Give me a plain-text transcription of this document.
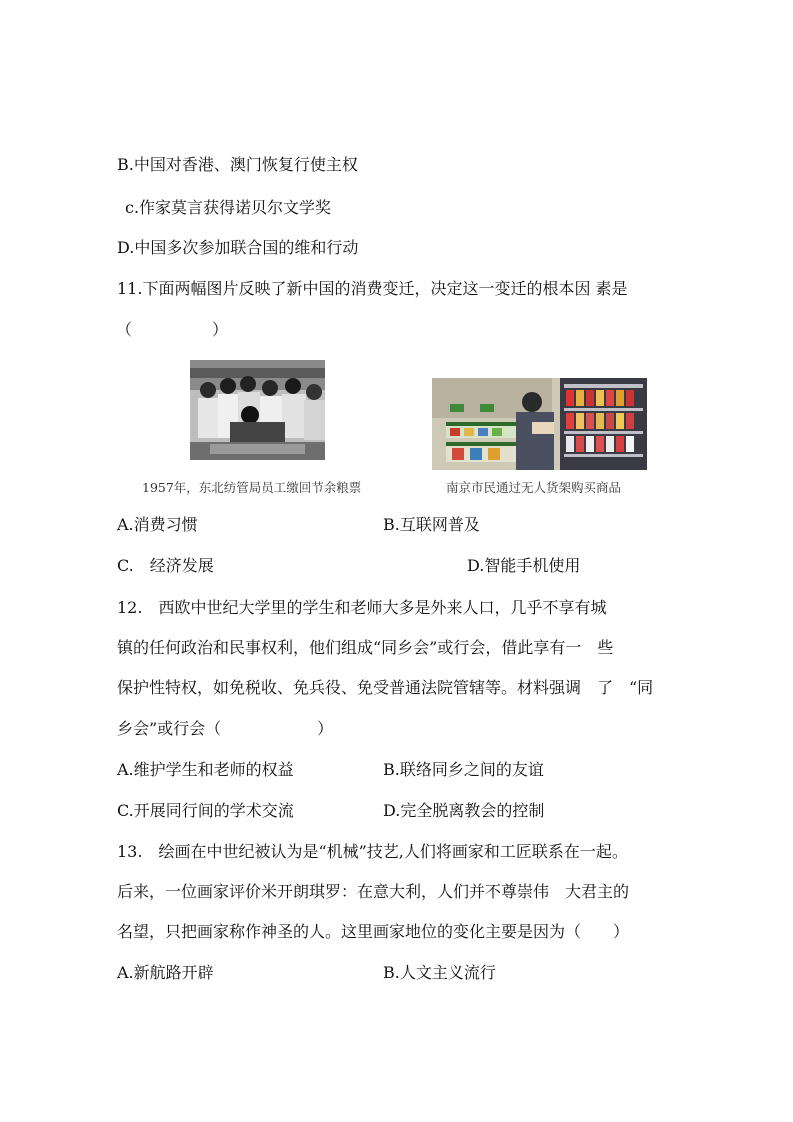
B.中国对香港、澳门恢复行使主权
c.作家莫言获得诺贝尔文学奖
D.中国多次参加联合国的维和行动
11.下面两幅图片反映了新中国的消费变迁，决定这一变迁的根本因 素是
（　　　　　）
1957年，东北纺管局员工缴回节余粮票	南京市民通过无人货架购买商品
A.消费习惯	B.互联网普及
C.　经济发展	D.智能手机使用
12.　西欧中世纪大学里的学生和老师大多是外来人口，几乎不享有城
镇的任何政治和民事权利，他们组成“同乡会”或行会，借此享有一　些
保护性特权，如免税收、免兵役、免受普通法院管辖等。材料强调　了　“同
乡会”或行会（　　　　　　）
A.维护学生和老师的权益	B.联络同乡之间的友谊
C.开展同行间的学术交流	D.完全脱离教会的控制
13.　绘画在中世纪被认为是“机械”技艺,人们将画家和工匠联系在一起。
后来，一位画家评价米开朗琪罗：在意大利，人们并不尊崇伟　大君主的
名望，只把画家称作神圣的人。这里画家地位的变化主要是因为（　　）
A.新航路开辟	B.人文主义流行
